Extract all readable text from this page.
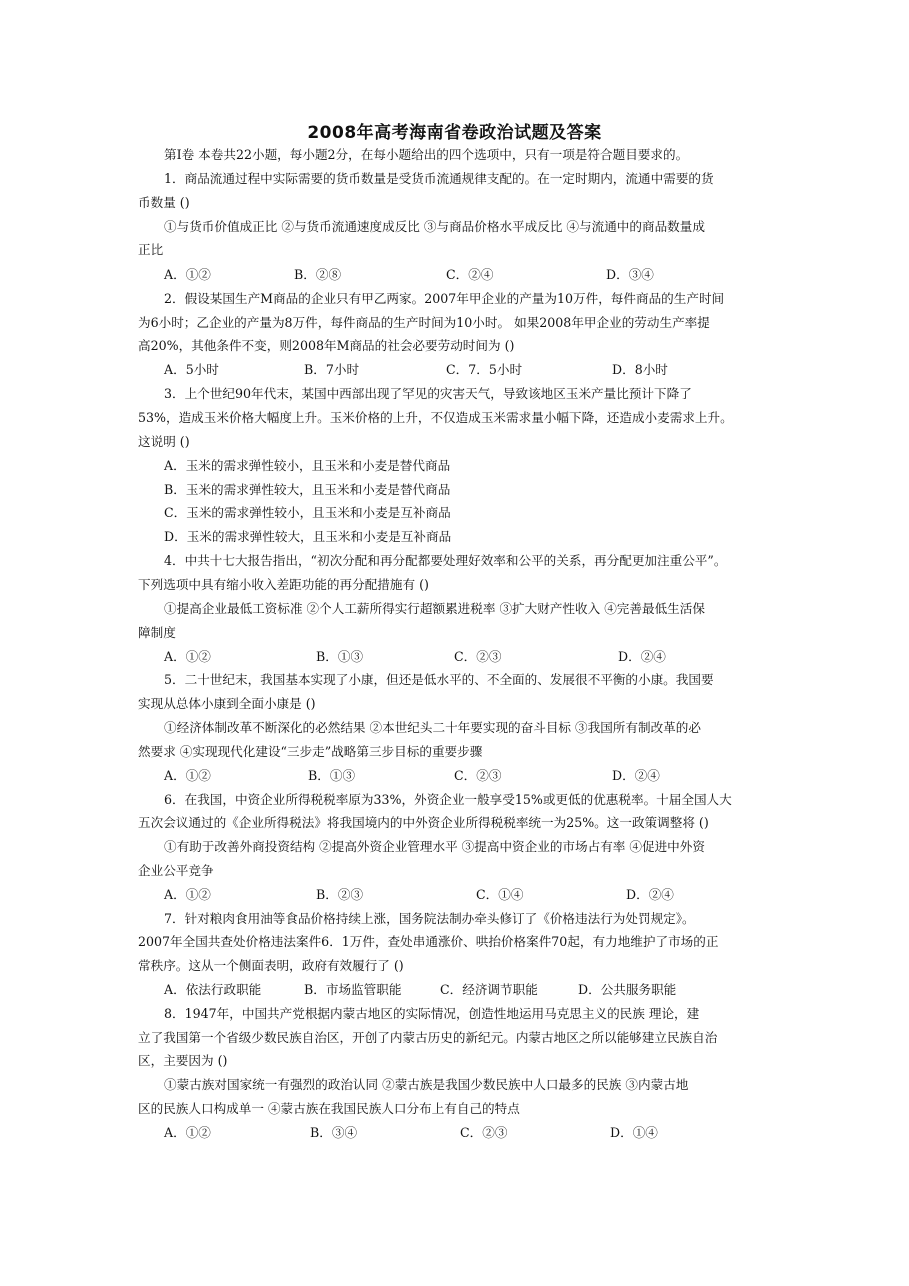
2008年高考海南省卷政治试题及答案
第Ⅰ卷 本卷共22小题，每小题2分，在每小题给出的四个选项中，只有一项是符合题目要求的。
1．商品流通过程中实际需要的货币数量是受货币流通规律支配的。在一定时期内，流通中需要的货
币数量 ()
①与货币价值成正比 ②与货币流通速度成反比 ③与商品价格水平成反比 ④与流通中的商品数量成
正比
A．①②	B．②⑧	C．②④	D．③④
2．假设某国生产M商品的企业只有甲乙两家。2007年甲企业的产量为10万件，每件商品的生产时间
为6小时；乙企业的产量为8万件，每件商品的生产时间为10小时。 如果2008年甲企业的劳动生产率提
高20%，其他条件不变，则2008年M商品的社会必要劳动时间为 ()
A．5小时	B．7小时	C．7．5小时	D．8小时
3．上个世纪90年代末，某国中西部出现了罕见的灾害天气，导致该地区玉米产量比预计下降了
53%，造成玉米价格大幅度上升。玉米价格的上升，不仅造成玉米需求量小幅下降，还造成小麦需求上升。
这说明 ()
A．玉米的需求弹性较小，且玉米和小麦是替代商品
B．玉米的需求弹性较大，且玉米和小麦是替代商品
C．玉米的需求弹性较小，且玉米和小麦是互补商品
D．玉米的需求弹性较大，且玉米和小麦是互补商品
4．中共十七大报告指出，“初次分配和再分配都要处理好效率和公平的关系，再分配更加注重公平”。
下列选项中具有缩小收入差距功能的再分配措施有 ()
①提高企业最低工资标准 ②个人工薪所得实行超额累进税率 ③扩大财产性收入 ④完善最低生活保
障制度
A．①②	B．①③	C．②③	D．②④
5．二十世纪末，我国基本实现了小康，但还是低水平的、不全面的、发展很不平衡的小康。我国要
实现从总体小康到全面小康是 ()
①经济体制改革不断深化的必然结果 ②本世纪头二十年要实现的奋斗目标 ③我国所有制改革的必
然要求 ④实现现代化建设“三步走”战略第三步目标的重要步骤
A．①②	B．①③	C．②③	D．②④
6．在我国，中资企业所得税税率原为33%，外资企业一般享受15%或更低的优惠税率。十届全国人大
五次会议通过的《企业所得税法》将我国境内的中外资企业所得税税率统一为25%。这一政策调整将 ()
①有助于改善外商投资结构 ②提高外资企业管理水平 ③提高中资企业的市场占有率 ④促进中外资
企业公平竞争
A．①②	B．②③	C．①④	D．②④
7．针对粮肉食用油等食品价格持续上涨，国务院法制办牵头修订了《价格违法行为处罚规定》。
2007年全国共查处价格违法案件6．1万件，查处串通涨价、哄抬价格案件70起，有力地维护了市场的正
常秩序。这从一个侧面表明，政府有效履行了 ()
A．依法行政职能	B．市场监管职能	C．经济调节职能	D．公共服务职能
8．1947年，中国共产党根据内蒙古地区的实际情况，创造性地运用马克思主义的民族 理论，建
立了我国第一个省级少数民族自治区，开创了内蒙古历史的新纪元。内蒙古地区之所以能够建立民族自治
区，主要因为 ()
①蒙古族对国家统一有强烈的政治认同 ②蒙古族是我国少数民族中人口最多的民族 ③内蒙古地
区的民族人口构成单一 ④蒙古族在我国民族人口分布上有自己的特点
A．①②	B．③④	C．②③	D．①④
